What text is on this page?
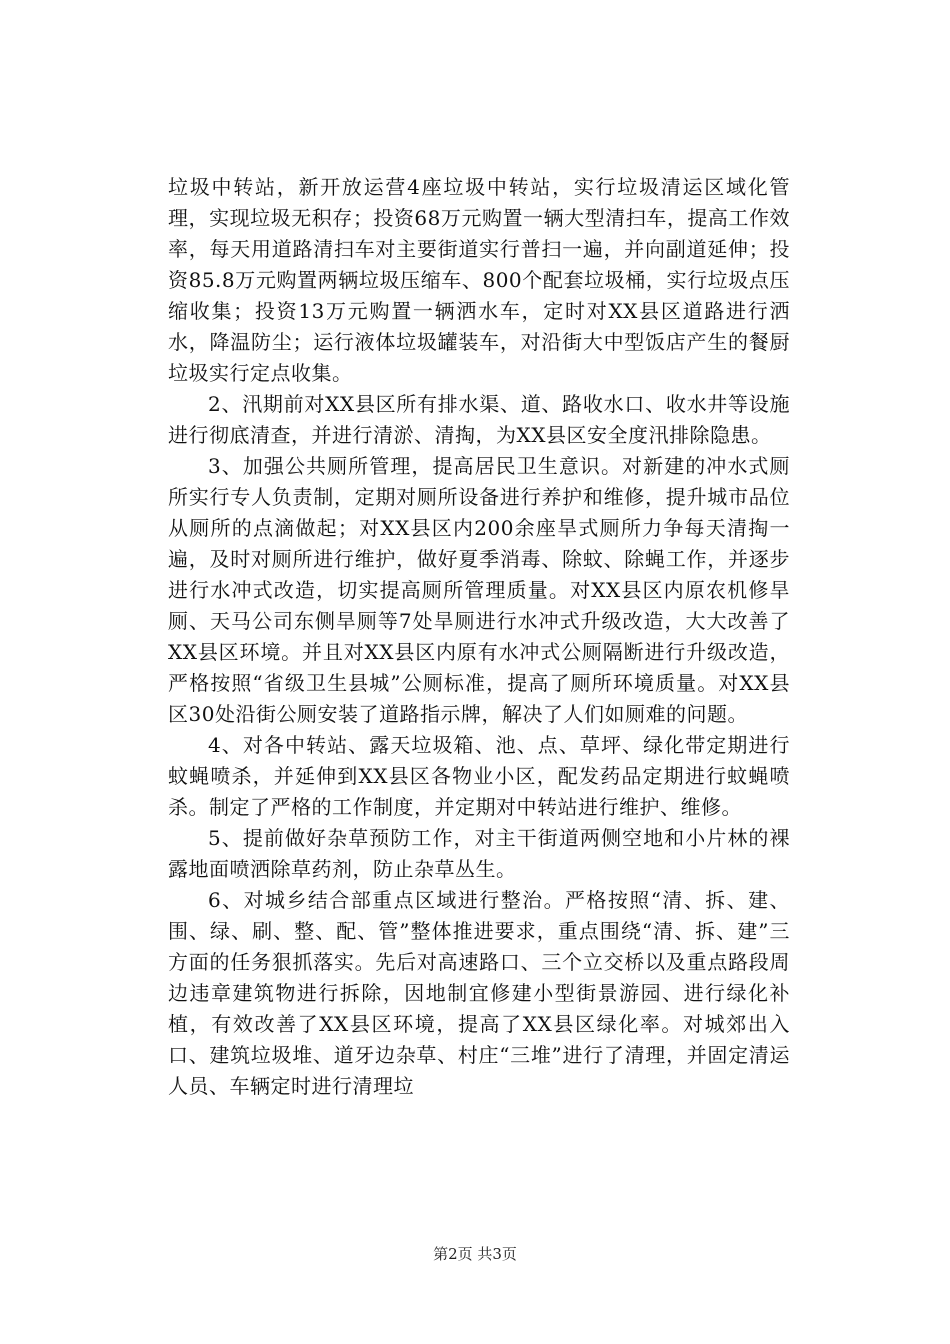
垃圾中转站，新开放运营4座垃圾中转站，实行垃圾清运区域化管理，实现垃圾无积存；投资68万元购置一辆大型清扫车，提高工作效率，每天用道路清扫车对主要街道实行普扫一遍，并向副道延伸；投资85.8万元购置两辆垃圾压缩车、800个配套垃圾桶，实行垃圾点压缩收集；投资13万元购置一辆洒水车，定时对XX县区道路进行洒水，降温防尘；运行液体垃圾罐装车，对沿街大中型饭店产生的餐厨垃圾实行定点收集。

2、汛期前对XX县区所有排水渠、道、路收水口、收水井等设施进行彻底清查，并进行清淤、清掏，为XX县区安全度汛排除隐患。

3、加强公共厕所管理，提高居民卫生意识。对新建的冲水式厕所实行专人负责制，定期对厕所设备进行养护和维修，提升城市品位从厕所的点滴做起；对XX县区内200余座旱式厕所力争每天清掏一遍，及时对厕所进行维护，做好夏季消毒、除蚊、除蝇工作，并逐步进行水冲式改造，切实提高厕所管理质量。对XX县区内原农机修旱厕、天马公司东侧旱厕等7处旱厕进行水冲式升级改造，大大改善了XX县区环境。并且对XX县区内原有水冲式公厕隔断进行升级改造，严格按照“省级卫生县城”公厕标准，提高了厕所环境质量。对XX县区30处沿街公厕安装了道路指示牌，解决了人们如厕难的问题。

4、对各中转站、露天垃圾箱、池、点、草坪、绿化带定期进行蚊蝇喷杀，并延伸到XX县区各物业小区，配发药品定期进行蚊蝇喷杀。制定了严格的工作制度，并定期对中转站进行维护、维修。

5、提前做好杂草预防工作，对主干街道两侧空地和小片林的裸露地面喷洒除草药剂，防止杂草丛生。

6、对城乡结合部重点区域进行整治。严格按照“清、拆、建、围、绿、刷、整、配、管”整体推进要求，重点围绕“清、拆、建”三方面的任务狠抓落实。先后对高速路口、三个立交桥以及重点路段周边违章建筑物进行拆除，因地制宜修建小型街景游园、进行绿化补植，有效改善了XX县区环境，提高了XX县区绿化率。对城郊出入口、建筑垃圾堆、道牙边杂草、村庄“三堆”进行了清理，并固定清运人员、车辆定时进行清理垃

第2页 共3页
